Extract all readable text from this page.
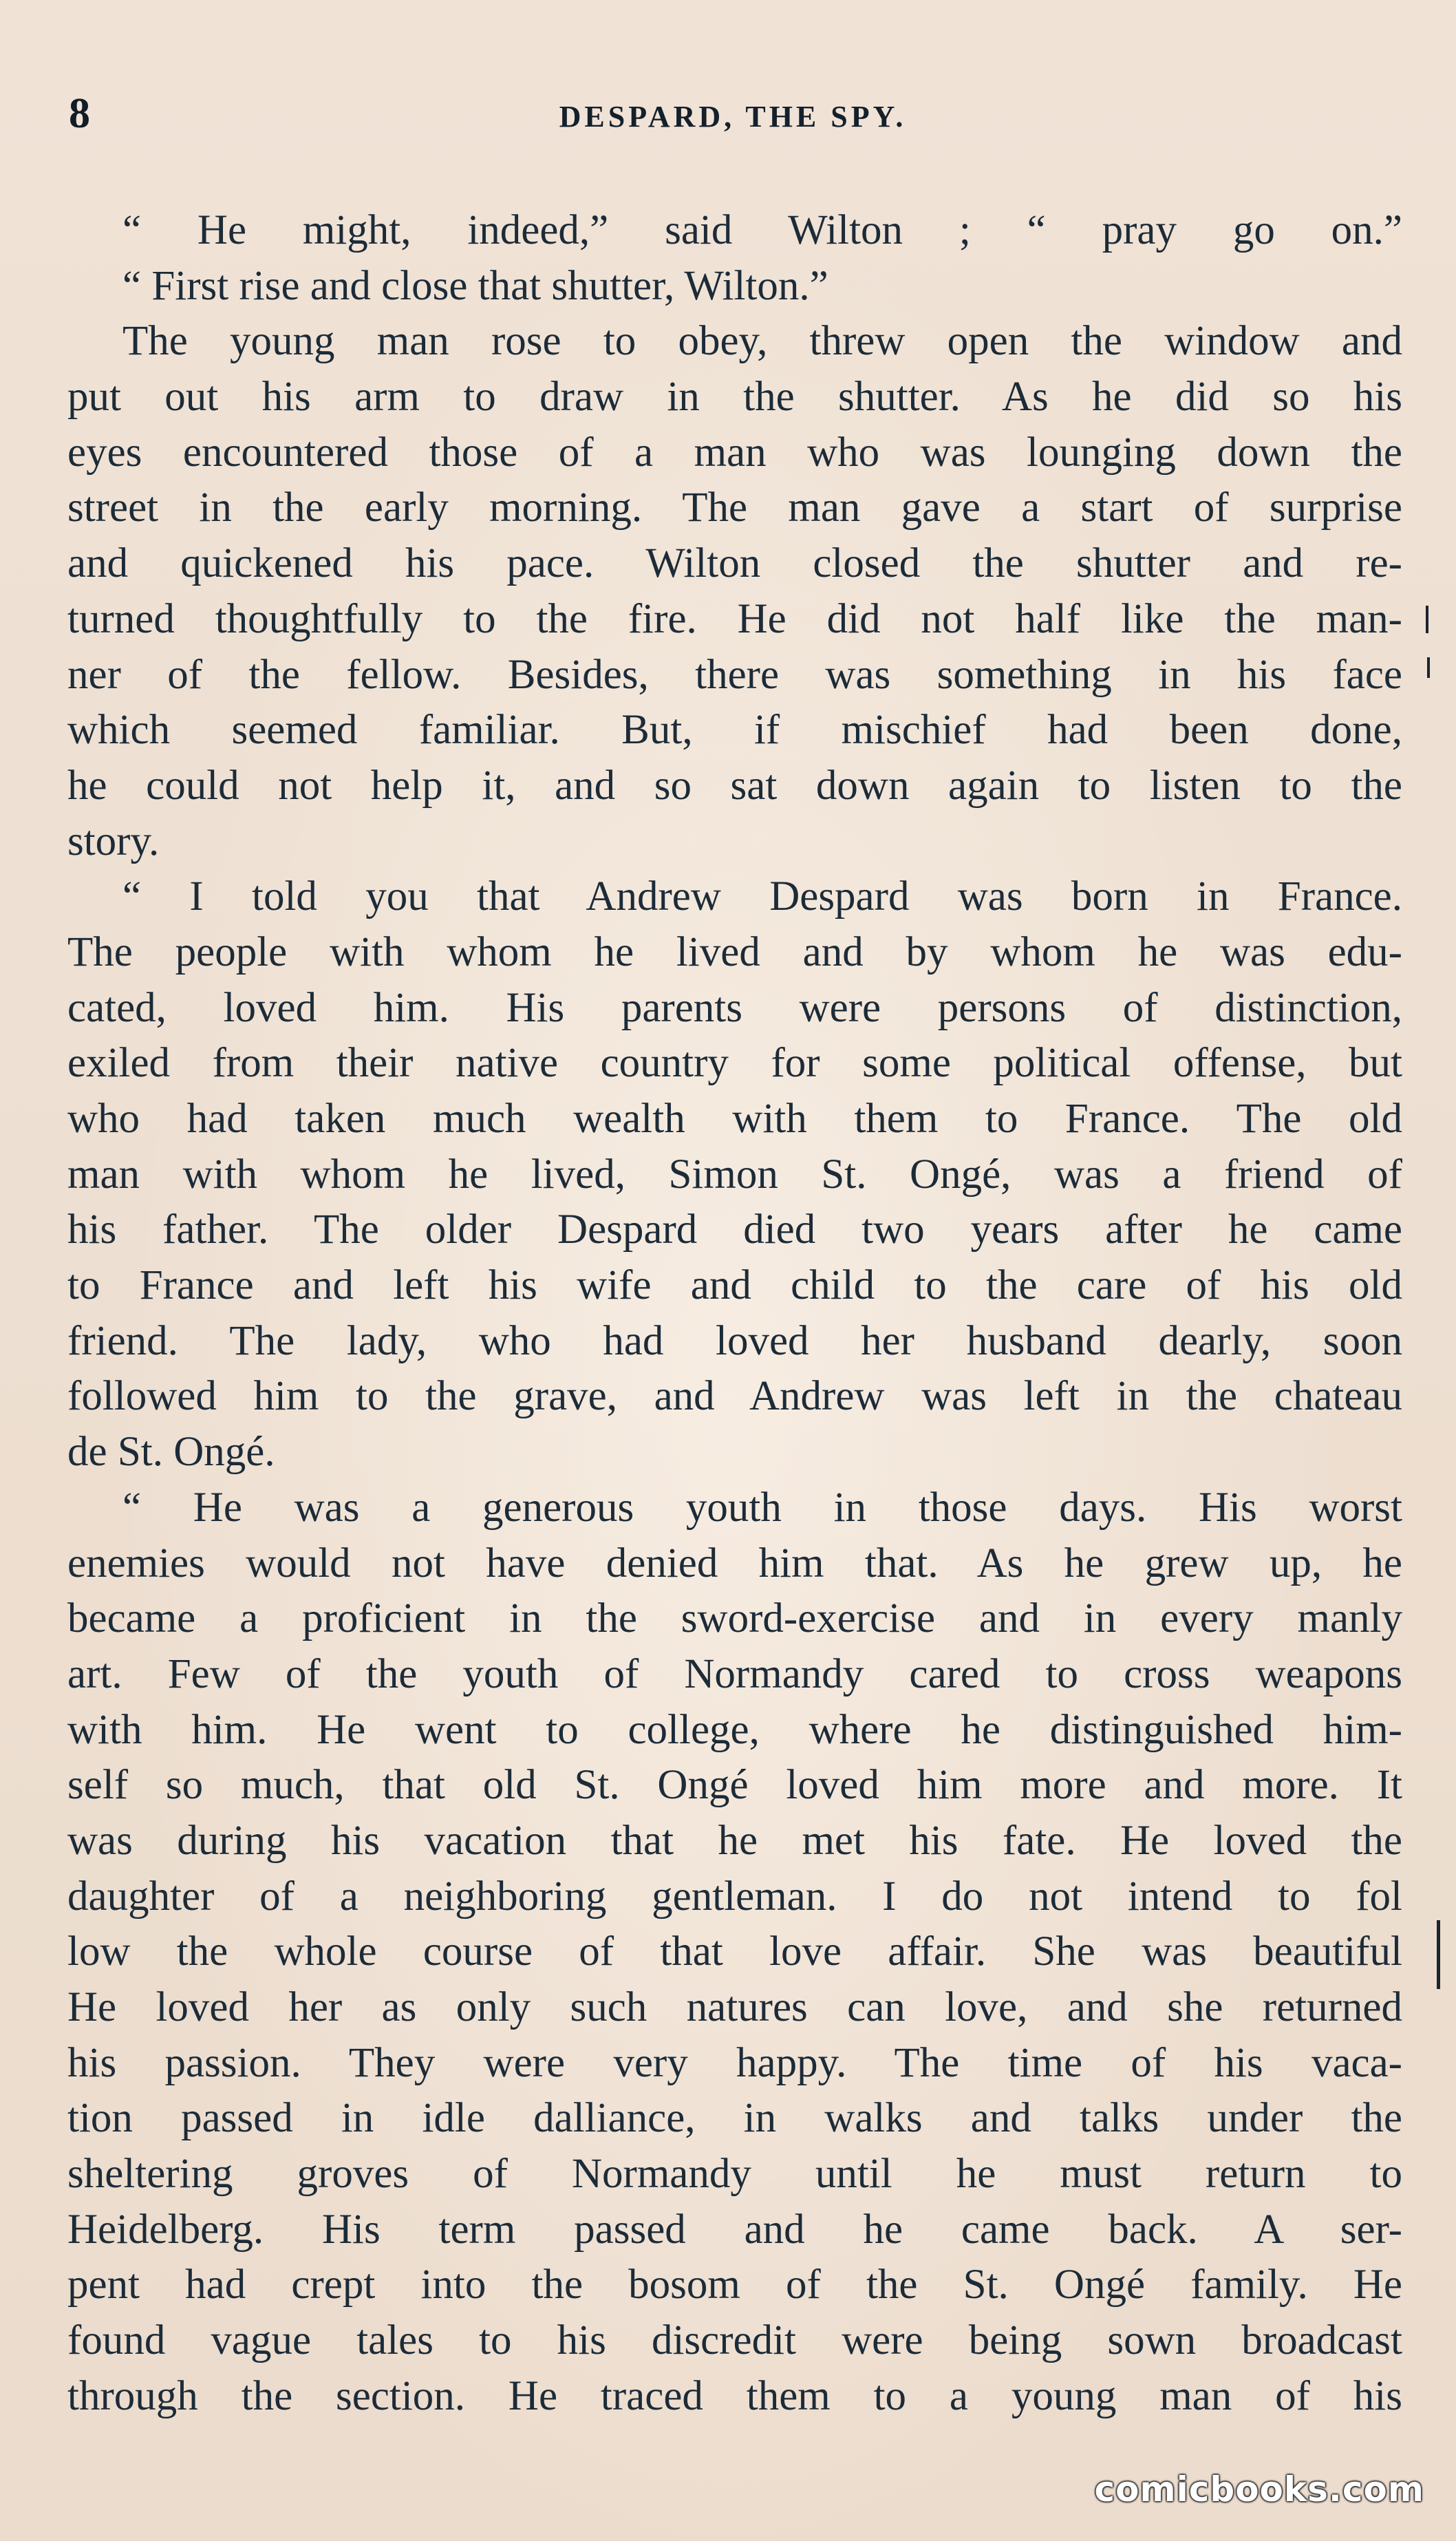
8	DESPARD, THE SPY.
“ He might, indeed,” said Wilton ; “ pray go on.”
“ First rise and close that shutter, Wilton.”
The young man rose to obey, threw open the window and
put out his arm to draw in the shutter. As he did so his
eyes encountered those of a man who was lounging down the
street in the early morning. The man gave a start of surprise
and quickened his pace. Wilton closed the shutter and re-
turned thoughtfully to the fire. He did not half like the man-
ner of the fellow. Besides, there was something in his face
which seemed familiar. But, if mischief had been done,
he could not help it, and so sat down again to listen to the
story.
“ I told you that Andrew Despard was born in France.
The people with whom he lived and by whom he was edu-
cated, loved him. His parents were persons of distinction,
exiled from their native country for some political offense, but
who had taken much wealth with them to France. The old
man with whom he lived, Simon St. Ongé, was a friend of
his father. The older Despard died two years after he came
to France and left his wife and child to the care of his old
friend. The lady, who had loved her husband dearly, soon
followed him to the grave, and Andrew was left in the chateau
de St. Ongé.
“ He was a generous youth in those days. His worst
enemies would not have denied him that. As he grew up, he
became a proficient in the sword-exercise and in every manly
art. Few of the youth of Normandy cared to cross weapons
with him. He went to college, where he distinguished him-
self so much, that old St. Ongé loved him more and more. It
was during his vacation that he met his fate. He loved the
daughter of a neighboring gentleman. I do not intend to fol
low the whole course of that love affair. She was beautiful
He loved her as only such natures can love, and she returned
his passion. They were very happy. The time of his vaca-
tion passed in idle dalliance, in walks and talks under the
sheltering groves of Normandy until he must return to
Heidelberg. His term passed and he came back. A ser-
pent had crept into the bosom of the St. Ongé family. He
found vague tales to his discredit were being sown broadcast
through the section. He traced them to a young man of his
comicbooks.com
